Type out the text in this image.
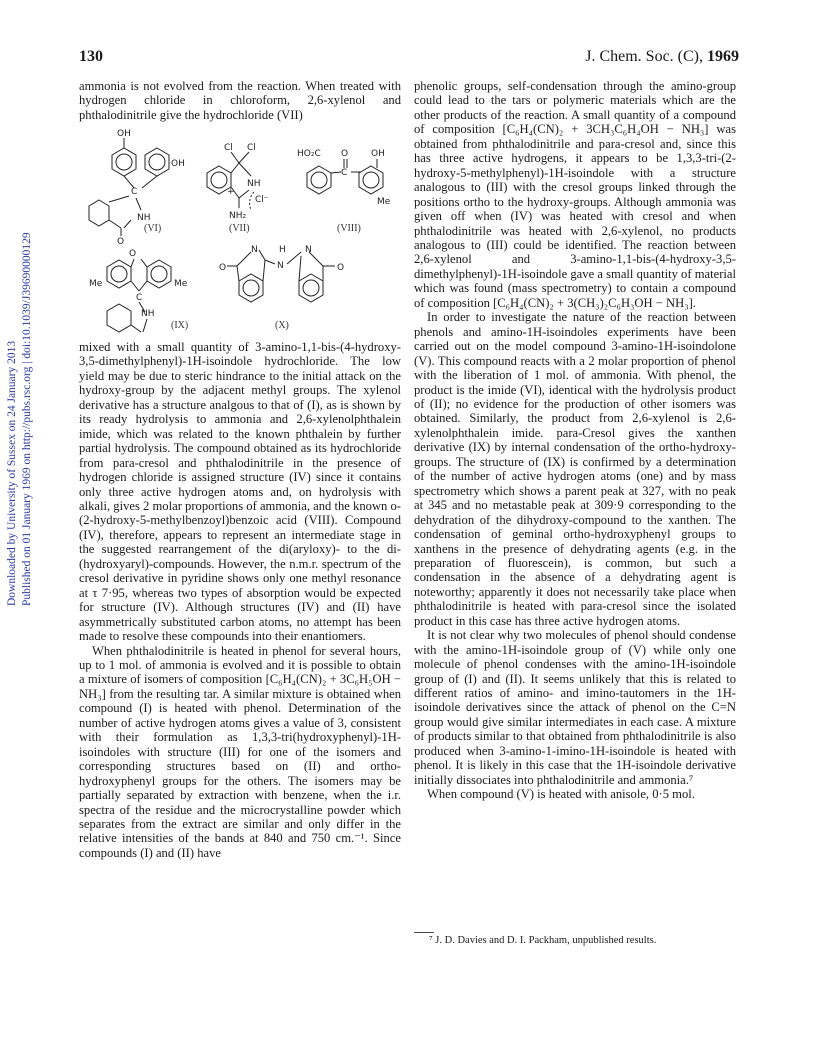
130	J. Chem. Soc. (C), 1969
Downloaded by University of Sussex on 24 January 2013 Published on 01 January 1969 on http://pubs.rsc.org | doi:10.1039/J39690000129

ammonia is not evolved from the reaction. When treated with hydrogen chloride in chloroform, 2,6-xylenol and phthalodinitrile give the hydrochloride (VII)

OH
OH
C
NH
O
(VI)
Cl Cl
NH
+
NH₂
Cl⁻
(VII)
HO₂C O	OH
C
Me
(VIII)
O
Me	Me
C
NH
(IX)
O
N H
N
N
O
(X)

mixed with a small quantity of 3-amino-1,1-bis-(4-hydroxy-3,5-dimethylphenyl)-1H-isoindole hydrochloride. The low yield may be due to steric hindrance to the initial attack on the hydroxy-group by the adjacent methyl groups. The xylenol derivative has a structure analgous to that of (I), as is shown by its ready hydrolysis to ammonia and 2,6-xylenolphthalein imide, which was related to the known phthalein by further partial hydrolysis. The compound obtained as its hydrochloride from para-cresol and phthalodinitrile in the presence of hydrogen chloride is assigned structure (IV) since it contains only three active hydrogen atoms and, on hydrolysis with alkali, gives 2 molar proportions of ammonia, and the known o-(2-hydroxy-5-methylbenzoyl)benzoic acid (VIII). Compound (IV), therefore, appears to represent an intermediate stage in the suggested rearrangement of the di(aryloxy)- to the di-(hydroxyaryl)-compounds. However, the n.m.r. spectrum of the cresol derivative in pyridine shows only one methyl resonance at τ 7·95, whereas two types of absorption would be expected for structure (IV). Although structures (IV) and (II) have asymmetrically substituted carbon atoms, no attempt has been made to resolve these compounds into their enantiomers.

When phthalodinitrile is heated in phenol for several hours, up to 1 mol. of ammonia is evolved and it is possible to obtain a mixture of isomers of composition [C₆H₄(CN)₂ + 3C₆H₅OH − NH₃] from the resulting tar. A similar mixture is obtained when compound (I) is heated with phenol. Determination of the number of active hydrogen atoms gives a value of 3, consistent with their formulation as 1,3,3-tri(hydroxyphenyl)-1H-isoindoles with structure (III) for one of the isomers and corresponding structures based on (II) and ortho-hydroxyphenyl groups for the others. The isomers may be partially separated by extraction with benzene, when the i.r. spectra of the residue and the microcrystalline powder which separates from the extract are similar and only differ in the relative intensities of the bands at 840 and 750 cm.⁻¹. Since compounds (I) and (II) have

phenolic groups, self-condensation through the amino-group could lead to the tars or polymeric materials which are the other products of the reaction. A small quantity of a compound of composition [C₆H₄(CN)₂ + 3CH₃C₆H₄OH − NH₃] was obtained from phthalodinitrile and para-cresol and, since this has three active hydrogens, it appears to be 1,3,3-tri-(2-hydroxy-5-methylphenyl)-1H-isoindole with a structure analogous to (III) with the cresol groups linked through the positions ortho to the hydroxy-groups. Although ammonia was given off when (IV) was heated with cresol and when phthalodinitrile was heated with 2,6-xylenol, no products analogous to (III) could be identified. The reaction between 2,6-xylenol and 3-amino-1,1-bis-(4-hydroxy-3,5-dimethylphenyl)-1H-isoindole gave a small quantity of material which was found (mass spectrometry) to contain a compound of composition [C₆H₄(CN)₂ + 3(CH₃)₂C₆H₃OH − NH₃].

In order to investigate the nature of the reaction between phenols and amino-1H-isoindoles experiments have been carried out on the model compound 3-amino-1H-isoindolone (V). This compound reacts with a 2 molar proportion of phenol with the liberation of 1 mol. of ammonia. With phenol, the product is the imide (VI), identical with the hydrolysis product of (II); no evidence for the production of other isomers was obtained. Similarly, the product from 2,6-xylenol is 2,6-xylenolphthalein imide. para-Cresol gives the xanthen derivative (IX) by internal condensation of the ortho-hydroxy-groups. The structure of (IX) is confirmed by a determination of the number of active hydrogen atoms (one) and by mass spectrometry which shows a parent peak at 327, with no peak at 345 and no metastable peak at 309·9 corresponding to the dehydration of the dihydroxy-compound to the xanthen. The condensation of geminal ortho-hydroxyphenyl groups to xanthens in the presence of dehydrating agents (e.g. in the preparation of fluorescein), is common, but such a condensation in the absence of a dehydrating agent is noteworthy; apparently it does not necessarily take place when phthalodinitrile is heated with para-cresol since the isolated product in this case has three active hydrogen atoms.

It is not clear why two molecules of phenol should condense with the amino-1H-isoindole group of (V) while only one molecule of phenol condenses with the amino-1H-isoindole group of (I) and (II). It seems unlikely that this is related to different ratios of amino- and imino-tautomers in the 1H-isoindole derivatives since the attack of phenol on the C=N group would give similar intermediates in each case. A mixture of products similar to that obtained from phthalodinitrile is also produced when 3-amino-1-imino-1H-isoindole is heated with phenol. It is likely in this case that the 1H-isoindole derivative initially dissociates into phthalodinitrile and ammonia.⁷

When compound (V) is heated with anisole, 0·5 mol.

⁷ J. D. Davies and D. I. Packham, unpublished results.
